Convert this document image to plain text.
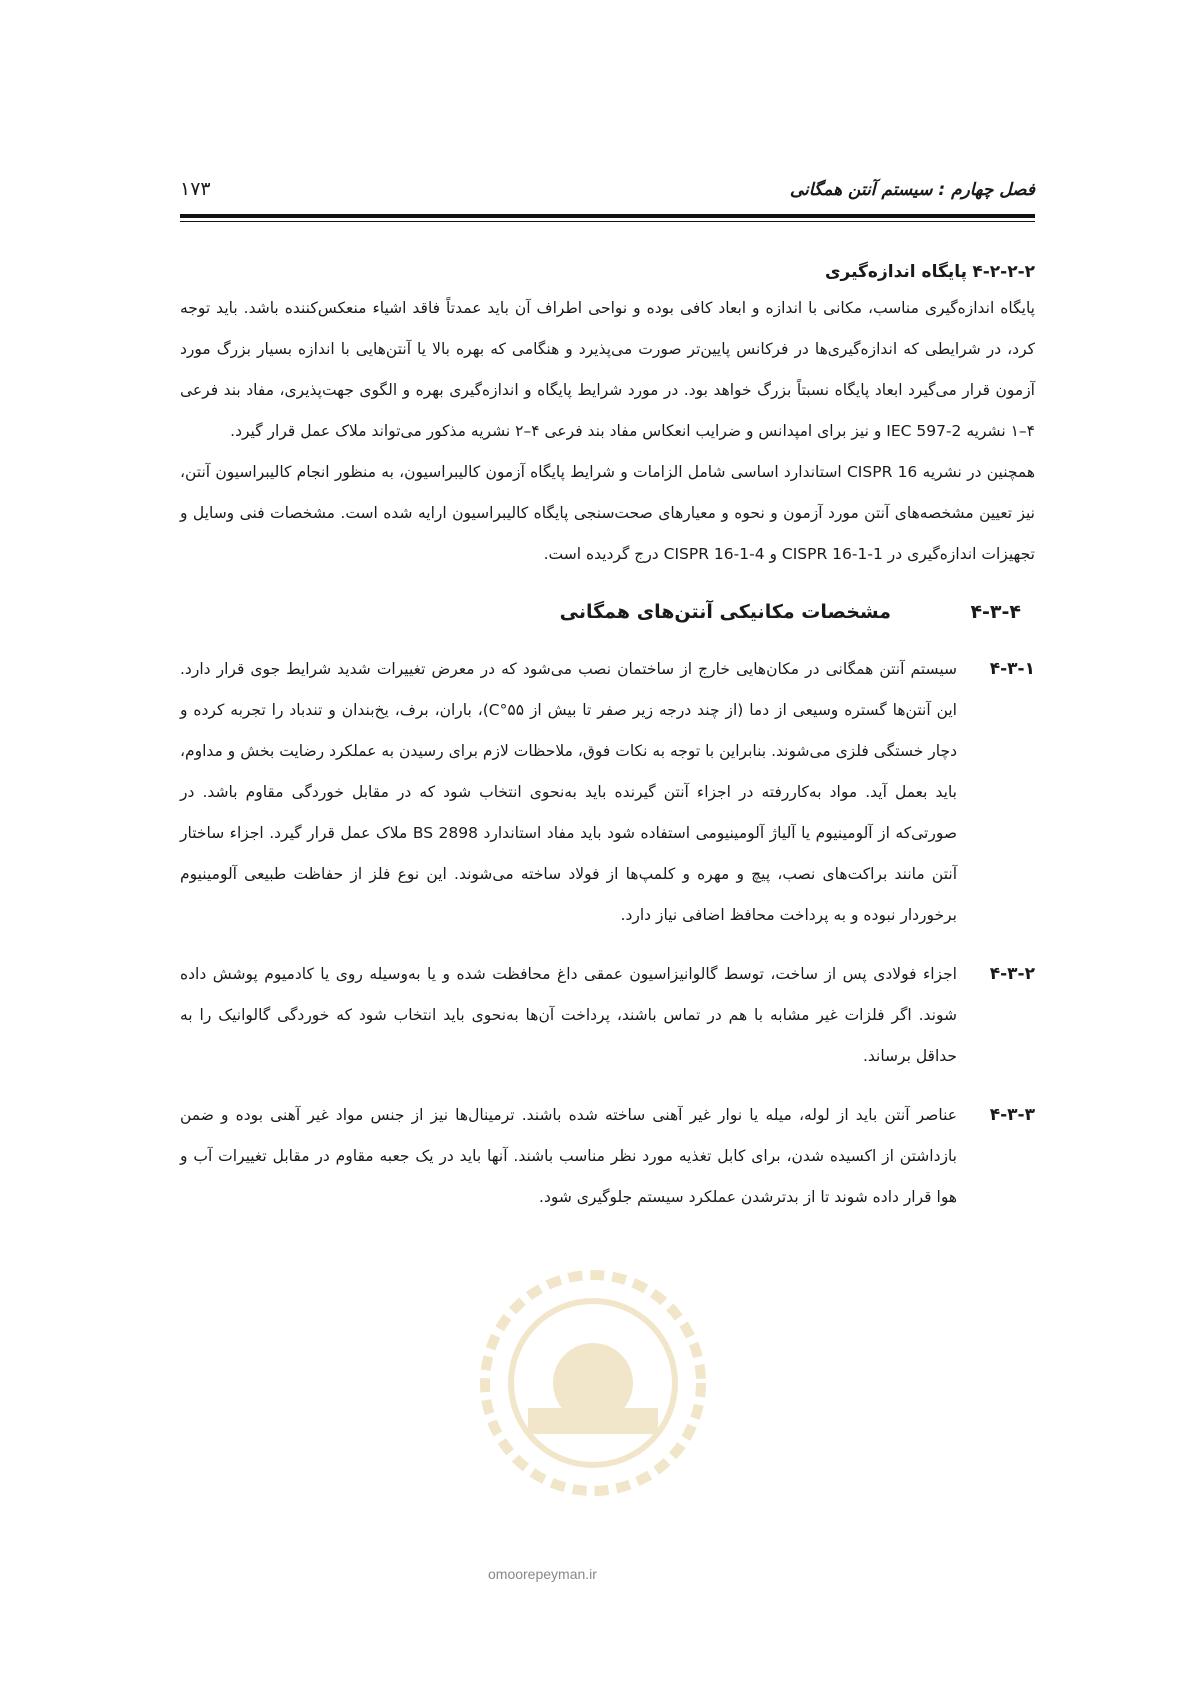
فصل چهارم : سیستم آنتن همگانی
۱۷۳
۴-۲-۲-۲
پایگاه اندازه‌گیری

پایگاه اندازه‌گیری مناسب، مکانی با اندازه و ابعاد کافی بوده و نواحی اطراف آن باید عمدتاً فاقد اشیاء منعکس‌کننده باشد. باید توجه کرد، در شرایطی که اندازه‌گیری‌ها در فرکانس پایین‌تر صورت می‌پذیرد و هنگامی که بهره بالا یا آنتن‌هایی با اندازه بسیار بزرگ مورد آزمون قرار می‌گیرد ابعاد پایگاه نسبتاً بزرگ خواهد بود. در مورد شرایط پایگاه و اندازه‌گیری بهره و الگوی جهت‌پذیری، مفاد بند فرعی ۴–۱ نشریه IEC 597-2 و نیز برای امپدانس و ضرایب انعکاس مفاد بند فرعی ۴–۲ نشریه مذکور می‌تواند ملاک عمل قرار گیرد.

همچنین در نشریه CISPR 16 استاندارد اساسی شامل الزامات و شرایط پایگاه آزمون کالیبراسیون، به منظور انجام کالیبراسیون آنتن، نیز تعیین مشخصه‌های آنتن مورد آزمون و نحوه و معیارهای صحت‌سنجی پایگاه کالیبراسیون ارایه شده است. مشخصات فنی وسایل و تجهیزات اندازه‌گیری در CISPR 16-1-1 و CISPR 16-1-4 درج گردیده است.

۴-۳-۴
مشخصات مکانیکی آنتن‌های همگانی
۴-۳-۱

سیستم آنتن همگانی در مکان‌هایی خارج از ساختمان نصب می‌شود که در معرض تغییرات شدید شرایط جوی قرار دارد. این آنتن‌ها گستره وسیعی از دما (از چند درجه زیر صفر تا بیش از ۵۵°C)، باران، برف، یخ‌بندان و تندباد را تجربه کرده و دچار خستگی فلزی می‌شوند. بنابراین با توجه به نکات فوق، ملاحظات لازم برای رسیدن به عملکرد رضایت بخش و مداوم، باید بعمل آید. مواد به‌کاررفته در اجزاء آنتن گیرنده باید به‌نحوی انتخاب شود که در مقابل خوردگی مقاوم باشد. در صورتی‌که از آلومینیوم یا آلیاژ آلومینیومی استفاده شود باید مفاد استاندارد BS 2898 ملاک عمل قرار گیرد. اجزاء ساختار آنتن مانند براکت‌های نصب، پیچ و مهره و کلمپ‌ها از فولاد ساخته می‌شوند. این نوع فلز از حفاظت طبیعی آلومینیوم برخوردار نبوده و به پرداخت محافظ اضافی نیاز دارد.

۴-۳-۲

اجزاء فولادی پس از ساخت، توسط گالوانیزاسیون عمقی داغ محافظت شده و یا به‌وسیله روی یا کادمیوم پوشش داده شوند. اگر فلزات غیر مشابه با هم در تماس باشند، پرداخت آن‌ها به‌نحوی باید انتخاب شود که خوردگی گالوانیک را به حداقل برساند.

۴-۳-۳

عناصر آنتن باید از لوله، میله یا نوار غیر آهنی ساخته شده باشند. ترمینال‌ها نیز از جنس مواد غیر آهنی بوده و ضمن بازداشتن از اکسیده شدن، برای کابل تغذیه مورد نظر مناسب باشند. آنها باید در یک جعبه مقاوم در مقابل تغییرات آب و هوا قرار داده شوند تا از بدترشدن عملکرد سیستم جلوگیری شود.

omoorepeyman.ir
